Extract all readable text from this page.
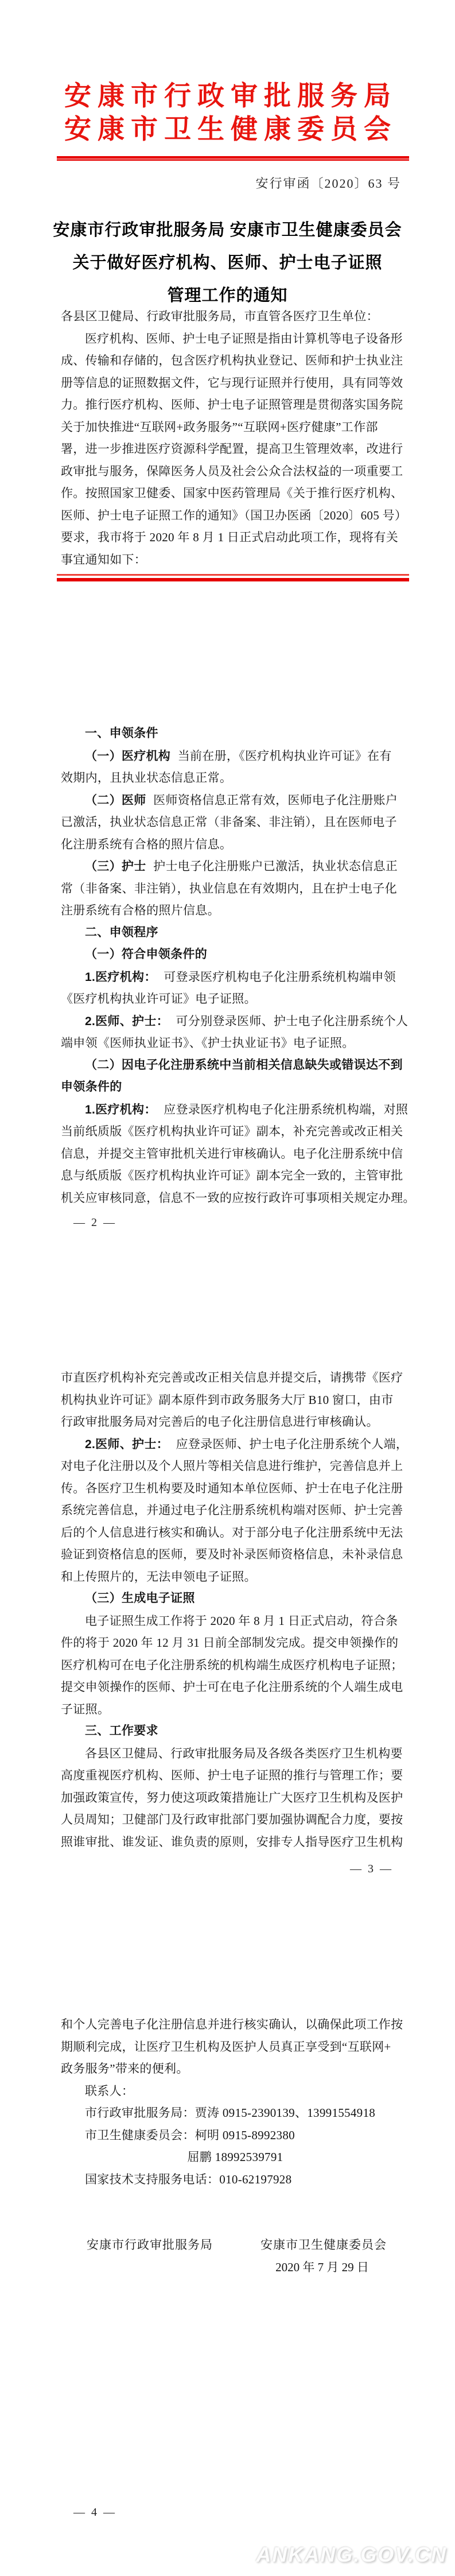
安康市行政审批服务局
安康市卫生健康委员会
安行审函〔2020〕63 号
安康市行政审批服务局 安康市卫生健康委员会
关于做好医疗机构、医师、护士电子证照
管理工作的通知
各县区卫健局、行政审批服务局，市直管各医疗卫生单位：
医疗机构、医师、护士电子证照是指由计算机等电子设备形
成、传输和存储的，包含医疗机构执业登记、医师和护士执业注
册等信息的证照数据文件，它与现行证照并行使用，具有同等效
力。推行医疗机构、医师、护士电子证照管理是贯彻落实国务院
关于加快推进“互联网+政务服务”“互联网+医疗健康”工作部
署，进一步推进医疗资源科学配置，提高卫生管理效率，改进行
政审批与服务，保障医务人员及社会公众合法权益的一项重要工
作。按照国家卫健委、国家中医药管理局《关于推行医疗机构、
医师、护士电子证照工作的通知》（国卫办医函〔2020〕605 号）
要求，我市将于 2020 年 8 月 1 日正式启动此项工作，现将有关
事宜通知如下：
一、申领条件
（一）医疗机构 当前在册，《医疗机构执业许可证》在有
效期内，且执业状态信息正常。
（二）医师 医师资格信息正常有效，医师电子化注册账户
已激活，执业状态信息正常（非备案、非注销），且在医师电子
化注册系统有合格的照片信息。
（三）护士 护士电子化注册账户已激活，执业状态信息正
常（非备案、非注销），执业信息在有效期内，且在护士电子化
注册系统有合格的照片信息。
二、申领程序
（一）符合申领条件的
1.医疗机构： 可登录医疗机构电子化注册系统机构端申领
《医疗机构执业许可证》电子证照。
2.医师、护士： 可分别登录医师、护士电子化注册系统个人
端申领《医师执业证书》、《护士执业证书》电子证照。
（二）因电子化注册系统中当前相关信息缺失或错误达不到
申领条件的
1.医疗机构： 应登录医疗机构电子化注册系统机构端，对照
当前纸质版《医疗机构执业许可证》副本，补充完善或改正相关
信息，并提交主管审批机关进行审核确认。电子化注册系统中信
息与纸质版《医疗机构执业许可证》副本完全一致的，主管审批
机关应审核同意，信息不一致的应按行政许可事项相关规定办理。
— 2 —
市直医疗机构补充完善或改正相关信息并提交后，请携带《医疗
机构执业许可证》副本原件到市政务服务大厅 B10 窗口，由市
行政审批服务局对完善后的电子化注册信息进行审核确认。
2.医师、护士： 应登录医师、护士电子化注册系统个人端，
对电子化注册以及个人照片等相关信息进行维护，完善信息并上
传。各医疗卫生机构要及时通知本单位医师、护士在电子化注册
系统完善信息，并通过电子化注册系统机构端对医师、护士完善
后的个人信息进行核实和确认。对于部分电子化注册系统中无法
验证到资格信息的医师，要及时补录医师资格信息，未补录信息
和上传照片的，无法申领电子证照。
（三）生成电子证照
电子证照生成工作将于 2020 年 8 月 1 日正式启动，符合条
件的将于 2020 年 12 月 31 日前全部制发完成。提交申领操作的
医疗机构可在电子化注册系统的机构端生成医疗机构电子证照；
提交申领操作的医师、护士可在电子化注册系统的个人端生成电
子证照。
三、工作要求
各县区卫健局、行政审批服务局及各级各类医疗卫生机构要
高度重视医疗机构、医师、护士电子证照的推行与管理工作；要
加强政策宣传，努力使这项政策措施让广大医疗卫生机构及医护
人员周知；卫健部门及行政审批部门要加强协调配合力度，要按
照谁审批、谁发证、谁负责的原则，安排专人指导医疗卫生机构
— 3 —
和个人完善电子化注册信息并进行核实确认，以确保此项工作按
期顺利完成，让医疗卫生机构及医护人员真正享受到“互联网+
政务服务”带来的便利。
联系人：
市行政审批服务局：贾涛 0915-2390139、13991554918
市卫生健康委员会：柯明 0915-8992380
屈鹏 18992539791
国家技术支持服务电话：010-62197928
安康市行政审批服务局	安康市卫生健康委员会
2020 年 7 月 29 日
— 4 —
ANKANG.GOV.CN
